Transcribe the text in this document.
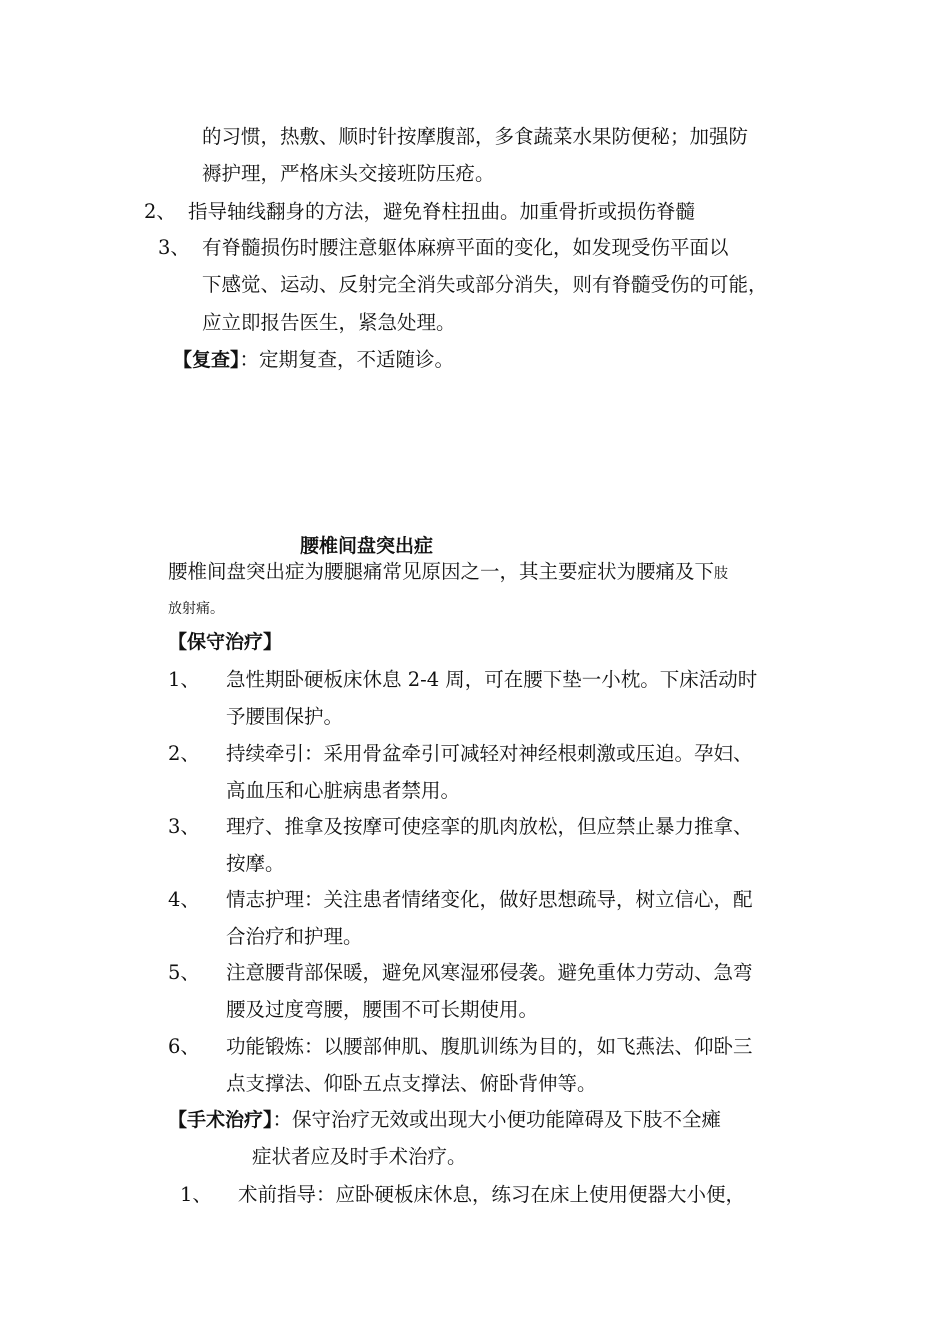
的习惯，热敷、顺时针按摩腹部，多食蔬菜水果防便秘；加强防
褥护理，严格床头交接班防压疮。
2、 指导轴线翻身的方法，避免脊柱扭曲。加重骨折或损伤脊髓
3、 有脊髓损伤时腰注意躯体麻痹平面的变化，如发现受伤平面以
下感觉、运动、反射完全消失或部分消失，则有脊髓受伤的可能，
应立即报告医生，紧急处理。
【复查】：定期复查，不适随诊。
腰椎间盘突出症
腰椎间盘突出症为腰腿痛常见原因之一，其主要症状为腰痛及下肢
放射痛。
【保守治疗】
1、 急性期卧硬板床休息 2-4 周，可在腰下垫一小枕。下床活动时
予腰围保护。
2、 持续牵引：采用骨盆牵引可减轻对神经根刺激或压迫。孕妇、
高血压和心脏病患者禁用。
3、 理疗、推拿及按摩可使痉挛的肌肉放松，但应禁止暴力推拿、
按摩。
4、 情志护理：关注患者情绪变化，做好思想疏导，树立信心，配
合治疗和护理。
5、 注意腰背部保暖，避免风寒湿邪侵袭。避免重体力劳动、急弯
腰及过度弯腰，腰围不可长期使用。
6、 功能锻炼：以腰部伸肌、腹肌训练为目的，如飞燕法、仰卧三
点支撑法、仰卧五点支撑法、俯卧背伸等。
【手术治疗】：保守治疗无效或出现大小便功能障碍及下肢不全瘫
症状者应及时手术治疗。
1、 术前指导：应卧硬板床休息，练习在床上使用便器大小便，
